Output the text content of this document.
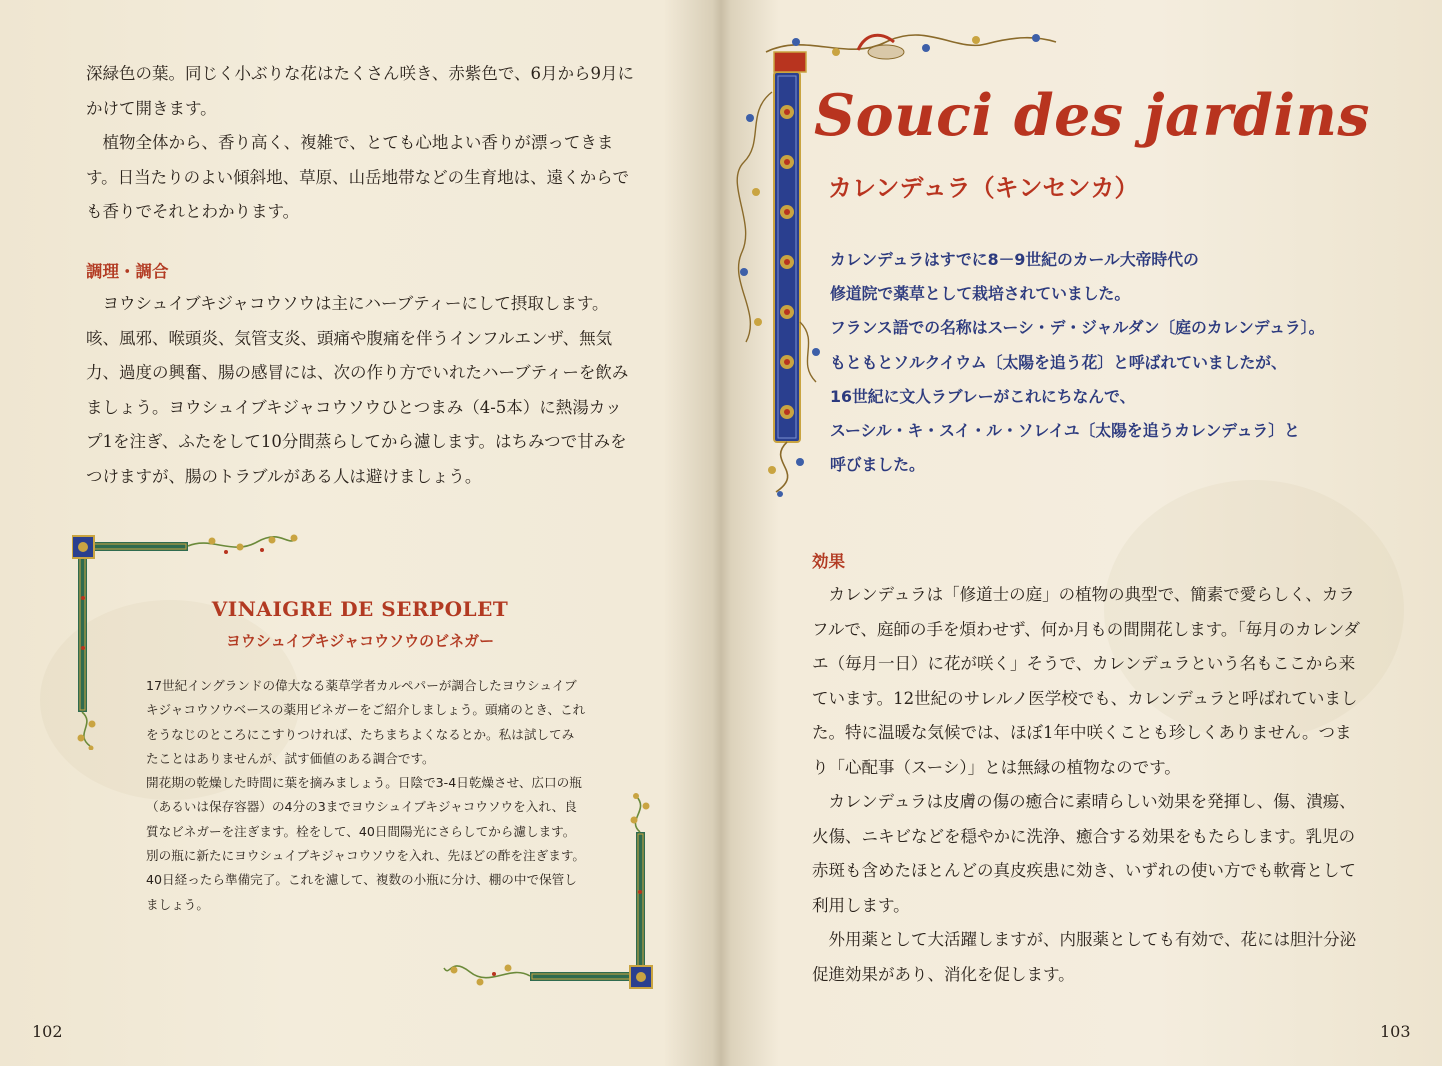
深緑色の葉。同じく小ぶりな花はたくさん咲き、赤紫色で、6月から9月にかけて開きます。

植物全体から、香り高く、複雑で、とても心地よい香りが漂ってきます。日当たりのよい傾斜地、草原、山岳地帯などの生育地は、遠くからでも香りでそれとわかります。

調理・調合

ヨウシュイブキジャコウソウは主にハーブティーにして摂取します。咳、風邪、喉頭炎、気管支炎、頭痛や腹痛を伴うインフルエンザ、無気力、過度の興奮、腸の感冒には、次の作り方でいれたハーブティーを飲みましょう。ヨウシュイブキジャコウソウひとつまみ（4-5本）に熱湯カップ1を注ぎ、ふたをして10分間蒸らしてから濾します。はちみつで甘みをつけますが、腸のトラブルがある人は避けましょう。

VINAIGRE DE SERPOLET
ヨウシュイブキジャコウソウのビネガー

17世紀イングランドの偉大なる薬草学者カルペパーが調合したヨウシュイブキジャコウソウベースの薬用ビネガーをご紹介しましょう。頭痛のとき、これをうなじのところにこすりつければ、たちまちよくなるとか。私は試してみたことはありませんが、試す価値のある調合です。

開花期の乾燥した時間に葉を摘みましょう。日陰で3-4日乾燥させ、広口の瓶（あるいは保存容器）の4分の3までヨウシュイブキジャコウソウを入れ、良質なビネガーを注ぎます。栓をして、40日間陽光にさらしてから濾します。別の瓶に新たにヨウシュイブキジャコウソウを入れ、先ほどの酢を注ぎます。40日経ったら準備完了。これを濾して、複数の小瓶に分け、棚の中で保管しましょう。

102
Souci des jardins
カレンデュラ（キンセンカ）

カレンデュラはすでに8－9世紀のカール大帝時代の

修道院で薬草として栽培されていました。

フランス語での名称はスーシ・デ・ジャルダン〔庭のカレンデュラ〕。

もともとソルクイウム〔太陽を追う花〕と呼ばれていましたが、

16世紀に文人ラブレーがこれにちなんで、

スーシル・キ・スイ・ル・ソレイユ〔太陽を追うカレンデュラ〕と

呼びました。

効果

カレンデュラは「修道士の庭」の植物の典型で、簡素で愛らしく、カラフルで、庭師の手を煩わせず、何か月もの間開花します。「毎月のカレンダエ（毎月一日）に花が咲く」そうで、カレンデュラという名もここから来ています。12世紀のサレルノ医学校でも、カレンデュラと呼ばれていました。特に温暖な気候では、ほぼ1年中咲くことも珍しくありません。つまり「心配事（スーシ）」とは無縁の植物なのです。

カレンデュラは皮膚の傷の癒合に素晴らしい効果を発揮し、傷、潰瘍、火傷、ニキビなどを穏やかに洗浄、癒合する効果をもたらします。乳児の赤斑も含めたほとんどの真皮疾患に効き、いずれの使い方でも軟膏として利用します。

外用薬として大活躍しますが、内服薬としても有効で、花には胆汁分泌促進効果があり、消化を促します。

103
